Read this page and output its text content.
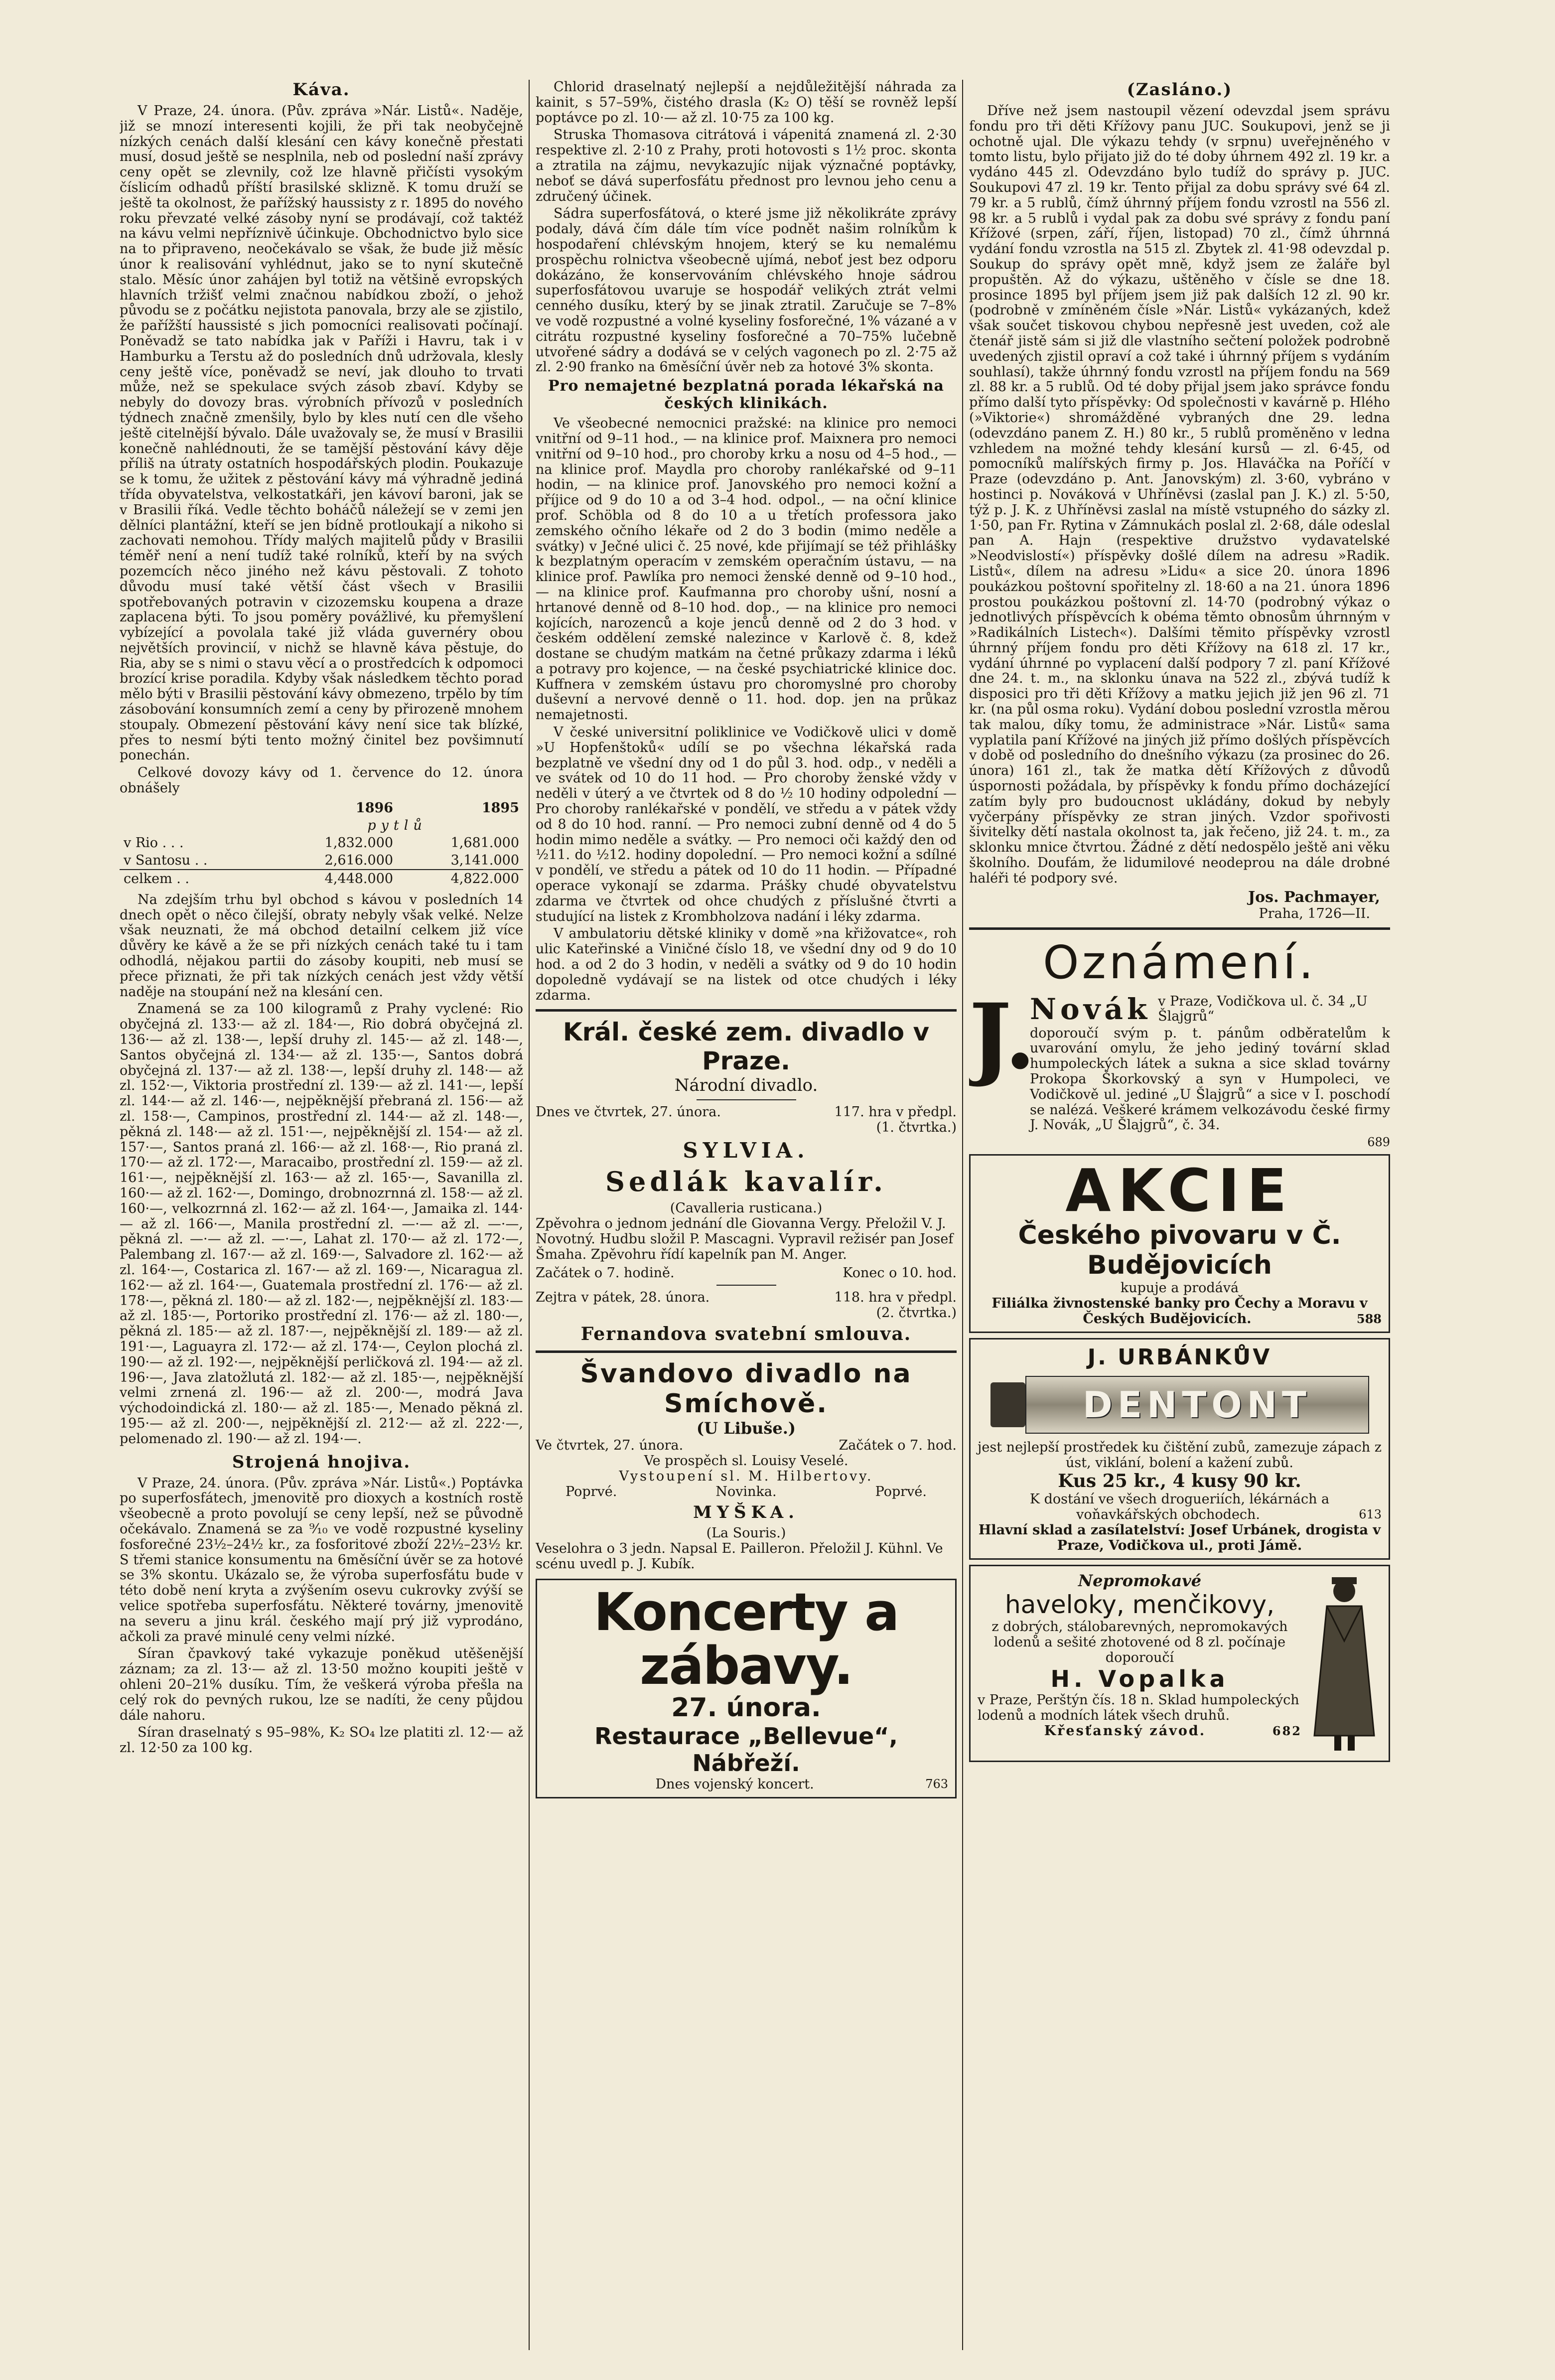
Káva.

V Praze, 24. února. (Pův. zpráva »Nár. Listů«. Naděje, již se mnozí interesenti kojili, že při tak neobyčejně nízkých cenách další klesání cen kávy konečně přestati musí, dosud ještě se nesplnila, neb od poslední naší zprávy ceny opět se zlevnily, což lze hlavně přičísti vysokým číslicím odhadů příští brasilské sklizně. K tomu druží se ještě ta okolnost, že pařížský haussisty z r. 1895 do nového roku převzaté velké zásoby nyní se prodávají, což taktéž na kávu velmi nepříznivě účinkuje. Obchodnictvo bylo sice na to připraveno, neočekávalo se však, že bude již měsíc únor k realisování vyhlédnut, jako se to nyní skutečně stalo. Měsíc únor zahájen byl totiž na většině evropských hlavních tržišť velmi značnou nabídkou zboží, o jehož původu se z počátku nejistota panovala, brzy ale se zjistilo, že pařížští haussisté s jich pomocníci realisovati počínají. Poněvadž se tato nabídka jak v Paříži i Havru, tak i v Hamburku a Terstu až do posledních dnů udržovala, klesly ceny ještě více, poněvadž se neví, jak dlouho to trvati může, než se spekulace svých zásob zbaví. Kdyby se nebyly do dovozy bras. výrobních přívozů v posledních týdnech značně zmenšily, bylo by kles nutí cen dle všeho ještě citelnější bývalo. Dále uvažovaly se, že musí v Brasilii konečně nahlédnouti, že se tamější pěstování kávy děje příliš na útraty ostatních hospodářských plodin. Poukazuje se k tomu, že užitek z pěstování kávy má výhradně jediná třída obyvatelstva, velkostatkáři, jen kávoví baroni, jak se v Brasilii říká. Vedle těchto boháčů náležejí se v zemi jen dělníci plantážní, kteří se jen bídně protloukají a nikoho si zachovati nemohou. Třídy malých majitelů půdy v Brasilii téměř není a není tudíž také rolníků, kteří by na svých pozemcích něco jiného než kávu pěstovali. Z tohoto důvodu musí také větší část všech v Brasilii spotřebovaných potravin v cizozemsku koupena a draze zaplacena býti. To jsou poměry povážlivé, ku přemyšlení vybízející a povolala také již vláda guvernéry obou největších provincií, v nichž se hlavně káva pěstuje, do Ria, aby se s nimi o stavu věcí a o prostředcích k odpomoci brozící krise poradila. Kdyby však následkem těchto porad mělo býti v Brasilii pěstování kávy obmezeno, trpělo by tím zásobování konsumních zemí a ceny by přirozeně mnohem stoupaly. Obmezení pěstování kávy není sice tak blízké, přes to nesmí býti tento možný činitel bez povšimnutí ponechán.

Celkové dovozy kávy od 1. července do 12. února obnášely

	1896	1895
	pytlů	
v Rio . . .	1,832.000	1,681.000
v Santosu . .	2,616.000	3,141.000
celkem . .	4,448.000	4,822.000

Na zdejším trhu byl obchod s kávou v posledních 14 dnech opět o něco čilejší, obraty nebyly však velké. Nelze však neuznati, že má obchod detailní celkem již více důvěry ke kávě a že se při nízkých cenách také tu i tam odhodlá, nějakou partii do zásoby koupiti, neb musí se přece přiznati, že při tak nízkých cenách jest vždy větší naděje na stoupání než na klesání cen.

Znamená se za 100 kilogramů z Prahy vyclené: Rio obyčejná zl. 133·— až zl. 184·—, Rio dobrá obyčejná zl. 136·— až zl. 138·—, lepší druhy zl. 145·— až zl. 148·—, Santos obyčejná zl. 134·— až zl. 135·—, Santos dobrá obyčejná zl. 137·— až zl. 138·—, lepší druhy zl. 148·— až zl. 152·—, Viktoria prostřední zl. 139·— až zl. 141·—, lepší zl. 144·— až zl. 146·—, nejpěknější přebraná zl. 156·— až zl. 158·—, Campinos, prostřední zl. 144·— až zl. 148·—, pěkná zl. 148·— až zl. 151·—, nejpěknější zl. 154·— až zl. 157·—, Santos praná zl. 166·— až zl. 168·—, Rio praná zl. 170·— až zl. 172·—, Maracaibo, prostřední zl. 159·— až zl. 161·—, nejpěknější zl. 163·— až zl. 165·—, Savanilla zl. 160·— až zl. 162·—, Domingo, drobnozrnná zl. 158·— až zl. 160·—, velkozrnná zl. 162·— až zl. 164·—, Jamaika zl. 144·— až zl. 166·—, Manila prostřední zl. —·— až zl. —·—, pěkná zl. —·— až zl. —·—, Lahat zl. 170·— až zl. 172·—, Palembang zl. 167·— až zl. 169·—, Salvadore zl. 162·— až zl. 164·—, Costarica zl. 167·— až zl. 169·—, Nicaragua zl. 162·— až zl. 164·—, Guatemala prostřední zl. 176·— až zl. 178·—, pěkná zl. 180·— až zl. 182·—, nejpěknější zl. 183·— až zl. 185·—, Portoriko prostřední zl. 176·— až zl. 180·—, pěkná zl. 185·— až zl. 187·—, nejpěknější zl. 189·— až zl. 191·—, Laguayra zl. 172·— až zl. 174·—, Ceylon plochá zl. 190·— až zl. 192·—, nejpěknější perličková zl. 194·— až zl. 196·—, Java zlatožlutá zl. 182·— až zl. 185·—, nejpěknější velmi zrnená zl. 196·— až zl. 200·—, modrá Java východoindická zl. 180·— až zl. 185·—, Menado pěkná zl. 195·— až zl. 200·—, nejpěknější zl. 212·— až zl. 222·—, pelomenado zl. 190·— až zl. 194·—.

Strojená hnojiva.

V Praze, 24. února. (Pův. zpráva »Nár. Listů«.) Poptávka po superfosfátech, jmenovitě pro dioxych a kostních rostě všeobecně a proto povolují se ceny lepší, než se původně očekávalo. Znamená se za ⁹⁄₁₀ ve vodě rozpustné kyseliny fosforečné 23¹⁄₂–24¹⁄₂ kr., za fosforitové zboží 22¹⁄₂–23¹⁄₂ kr. S třemi stanice konsumentu na 6měsíční úvěr se za hotové se 3% skontu. Ukázalo se, že výroba superfosfátu bude v této době není kryta a zvýšením osevu cukrovky zvýší se velice spotřeba superfosfátu. Některé továrny, jmenovitě na severu a jinu král. českého mají prý již vyprodáno, ačkoli za pravé minulé ceny velmi nízké.

Síran čpavkový také vykazuje poněkud utěšenější záznam; za zl. 13·— až zl. 13·50 možno koupiti ještě v ohleni 20–21% dusíku. Tím, že veškerá výroba přešla na celý rok do pevných rukou, lze se nadíti, že ceny půjdou dále nahoru.

Síran draselnatý s 95–98%, K₂ SO₄ lze platiti zl. 12·— až zl. 12·50 za 100 kg.

Chlorid draselnatý nejlepší a nejdůležitější náhrada za kainit, s 57–59%, čistého drasla (K₂ O) těší se rovněž lepší poptávce po zl. 10·— až zl. 10·75 za 100 kg.

Struska Thomasova citrátová i vápenitá znamená zl. 2·30 respektive zl. 2·10 z Prahy, proti hotovosti s 1½ proc. skonta a ztratila na zájmu, nevykazujíc nijak význačné poptávky, neboť se dává superfosfátu přednost pro levnou jeho cenu a zdručený účinek.

Sádra superfosfátová, o které jsme již několikráte zprávy podaly, dává čím dále tím více podnět našim rolníkům k hospodaření chlévským hnojem, který se ku nemalému prospěchu rolnictva všeobecně ujímá, neboť jest bez odporu dokázáno, že konservováním chlévského hnoje sádrou superfosfátovou uvaruje se hospodář velikých ztrát velmi cenného dusíku, který by se jinak ztratil. Zaručuje se 7–8% ve vodě rozpustné a volné kyseliny fosforečné, 1% vázané a v citrátu rozpustné kyseliny fosforečné a 70–75% lučebně utvořené sádry a dodává se v celých vagonech po zl. 2·75 až zl. 2·90 franko na 6měsíční úvěr neb za hotové 3% skonta.

Pro nemajetné bezplatná porada lékařská na českých klinikách.

Ve všeobecné nemocnici pražské: na klinice pro nemoci vnitřní od 9–11 hod., — na klinice prof. Maixnera pro nemoci vnitřní od 9–10 hod., pro choroby krku a nosu od 4–5 hod., — na klinice prof. Maydla pro choroby ranlékařské od 9–11 hodin, — na klinice prof. Janovského pro nemoci kožní a příjice od 9 do 10 a od 3–4 hod. odpol., — na oční klinice prof. Schöbla od 8 do 10 a u třetích professora jako zemského očního lékaře od 2 do 3 bodin (mimo neděle a svátky) v Ječné ulici č. 25 nové, kde přijímají se též přihlášky k bezplatným operacím v zemském operačním ústavu, — na klinice prof. Pawlíka pro nemoci ženské denně od 9–10 hod., — na klinice prof. Kaufmanna pro choroby ušní, nosní a hrtanové denně od 8–10 hod. dop., — na klinice pro nemoci kojících, narozenců a koje jenců denně od 2 do 3 hod. v českém oddělení zemské nalezince v Karlově č. 8, kdež dostane se chudým matkám na četné průkazy zdarma i léků a potravy pro kojence, — na české psychiatrické klinice doc. Kuffnera v zemském ústavu pro choromyslné pro choroby duševní a nervové denně o 11. hod. dop. jen na průkaz nemajetnosti.

V české universitní poliklinice ve Vodičkově ulici v domě »U Hopfenštoků« udílí se po všechna lékařská rada bezplatně ve všední dny od 1 do půl 3. hod. odp., v neděli a ve svátek od 10 do 11 hod. — Pro choroby ženské vždy v neděli v úterý a ve čtvrtek od 8 do ½ 10 hodiny odpolední — Pro choroby ranlékařské v pondělí, ve středu a v pátek vždy od 8 do 10 hod. ranní. — Pro nemoci zubní denně od 4 do 5 hodin mimo neděle a svátky. — Pro nemoci oči každý den od ½11. do ½12. hodiny dopolední. — Pro nemoci kožní a sdílné v pondělí, ve středu a pátek od 10 do 11 hodin. — Případné operace vykonají se zdarma. Prášky chudé obyvatelstvu zdarma ve čtvrtek od ohce chudých z příslušné čtvrti a studující na listek z Krombholzova nadání i léky zdarma.

V ambulatoriu dětské kliniky v domě »na křižovatce«, roh ulic Kateřinské a Viničné číslo 18, ve všední dny od 9 do 10 hod. a od 2 do 3 hodin, v neděli a svátky od 9 do 10 hodin dopoledně vydávají se na listek od otce chudých i léky zdarma.

Král. české zem. divadlo v Praze.
Národní divadlo.
Dnes ve čtvrtek, 27. února.	117. hra v předpl.
(1. čtvrtka.)
SYLVIA.
Sedlák kavalír.
(Cavalleria rusticana.)
Zpěvohra o jednom jednání dle Giovanna Vergy. Přeložil V. J. Novotný. Hudbu složil P. Mascagni. Vypravil režisér pan Josef Šmaha. Zpěvohru řídí kapelník pan M. Anger.
Začátek o 7. hodině.	Konec o 10. hod.
Zejtra v pátek, 28. února.	118. hra v předpl.
(2. čtvrtka.)
Fernandova svatební smlouva.
Švandovo divadlo na Smíchově.
(U Libuše.)
Ve čtvrtek, 27. února.	Začátek o 7. hod.
Ve prospěch sl. Louisy Veselé.
Vystoupení sl. M. Hilbertovy.
Poprvé.	Novinka.	Poprvé.
MYŠKA.
(La Souris.)
Veselohra o 3 jedn. Napsal E. Pailleron. Přeložil J. Kühnl. Ve scénu uvedl p. J. Kubík.
Koncerty a zábavy.
27. února.
Restaurace „Bellevue“, Nábřeží.
Dnes vojenský koncert.	763
(Zasláno.)

Dříve než jsem nastoupil vězení odevzdal jsem správu fondu pro tři děti Křížovy panu JUC. Soukupovi, jenž se ji ochotně ujal. Dle výkazu tehdy (v srpnu) uveřejněného v tomto listu, bylo přijato již do té doby úhrnem 492 zl. 19 kr. a vydáno 445 zl. Odevzdáno bylo tudíž do správy p. JUC. Soukupovi 47 zl. 19 kr. Tento přijal za dobu správy své 64 zl. 79 kr. a 5 rublů, čímž úhrnný příjem fondu vzrostl na 556 zl. 98 kr. a 5 rublů i vydal pak za dobu své správy z fondu paní Křížové (srpen, září, říjen, listopad) 70 zl., čímž úhrnná vydání fondu vzrostla na 515 zl. Zbytek zl. 41·98 odevzdal p. Soukup do správy opět mně, když jsem ze žaláře byl propuštěn. Až do výkazu, uštěněho v čísle se dne 18. prosince 1895 byl příjem jsem již pak dalších 12 zl. 90 kr. (podrobně v zmíněném čísle »Nár. Listů« vykázaných, kdež však součet tiskovou chybou nepřesně jest uveden, což ale čtenář jistě sám si již dle vlastního sečtení položek podrobně uvedených zjistil opraví a což také i úhrnný příjem s vydáním souhlasí), takže úhrnný fondu vzrostl na příjem fondu na 569 zl. 88 kr. a 5 rublů. Od té doby přijal jsem jako správce fondu přímo další tyto příspěvky: Od společnosti v kavárně p. Hlého (»Viktorie«) shromážděné vybraných dne 29. ledna (odevzdáno panem Z. H.) 80 kr., 5 rublů proměněno v ledna vzhledem na možné tehdy klesání kursů — zl. 6·45, od pomocníků malířských firmy p. Jos. Hlaváčka na Poříčí v Praze (odevzdáno p. Ant. Janovským) zl. 3·60, vybráno v hostinci p. Nováková v Uhříněvsi (zaslal pan J. K.) zl. 5·50, týž p. J. K. z Uhříněvsi zaslal na místě vstupného do sázky zl. 1·50, pan Fr. Rytina v Zámnukách poslal zl. 2·68, dále odeslal pan A. Hajn (respektive družstvo vydavatelské »Neodvislostí«) příspěvky došlé dílem na adresu »Radik. Listů«, dílem na adresu »Lidu« a sice 20. února 1896 poukázkou poštovní spořitelny zl. 18·60 a na 21. února 1896 prostou poukázkou poštovní zl. 14·70 (podrobný výkaz o jednotlivých příspěvcích k obéma těmto obnosům úhrnným v »Radikálních Listech«). Dalšími těmito příspěvky vzrostl úhrnný příjem fondu pro děti Křížovy na 618 zl. 17 kr., vydání úhrnné po vyplacení další podpory 7 zl. paní Křížové dne 24. t. m., na sklonku únava na 522 zl., zbývá tudíž k disposici pro tři děti Křížovy a matku jejich již jen 96 zl. 71 kr. (na půl osma roku). Vydání dobou poslední vzrostla měrou tak malou, díky tomu, že administrace »Nár. Listů« sama vyplatila paní Křížové na jiných již přímo došlých příspěvcích v době od posledního do dnešního výkazu (za prosinec do 26. února) 161 zl., tak že matka dětí Křížových z důvodů úspornosti požádala, by příspěvky k fondu přímo docházející zatím byly pro budoucnost ukládány, dokud by nebyly vyčerpány příspěvky ze stran jiných. Vzdor spořivosti šivitelky dětí nastala okolnost ta, jak řečeno, již 24. t. m., za sklonku mnice čtvrtou. Žádné z dětí nedospělo ještě ani věku školního. Doufám, že lidumilové neodeprou na dále drobné haléři té podpory své.

Jos. Pachmayer,
Praha, 1726—II.
Oznámení.
J.
Novák v Praze, Vodičkova ul. č. 34 „U Šlajgrů“
doporoučí svým p. t. pánům odběratelům k uvarování omylu, že jeho jediný tovární sklad humpoleckých látek a sukna a sice sklad továrny Prokopa Škorkovský a syn v Humpoleci, ve Vodičkově ul. jediné „U Šlajgrů“ a sice v I. poschodí se nalézá. Veškeré krámem velkozávodu české firmy J. Novák, „U Šlajgrů“, č. 34.
689
AKCIE
Českého pivovaru v Č. Budějovicích
kupuje a prodává
Filiálka živnostenské banky pro Čechy a Moravu v Českých Budějovicích.	588
J. URBÁNKŮV
DENTONT
jest nejlepší prostředek ku čištění zubů, zamezuje zápach z úst, viklání, bolení a kažení zubů.
Kus 25 kr., 4 kusy 90 kr.
K dostání ve všech drogueriích, lékárnách a voňavkářských obchodech.	613
Hlavní sklad a zasílatelství: Josef Urbánek, drogista v Praze, Vodičkova ul., proti Jámě.
Nepromokavé
haveloky, menčikovy,
z dobrých, stálobarevných, nepromokavých lodenů a sešité zhotovené od 8 zl. počínaje doporoučí
H. Vopalka
v Praze, Perštýn čís. 18 n. Sklad humpoleckých lodenů a modních látek všech druhů.
Křesťanský závod.	682
